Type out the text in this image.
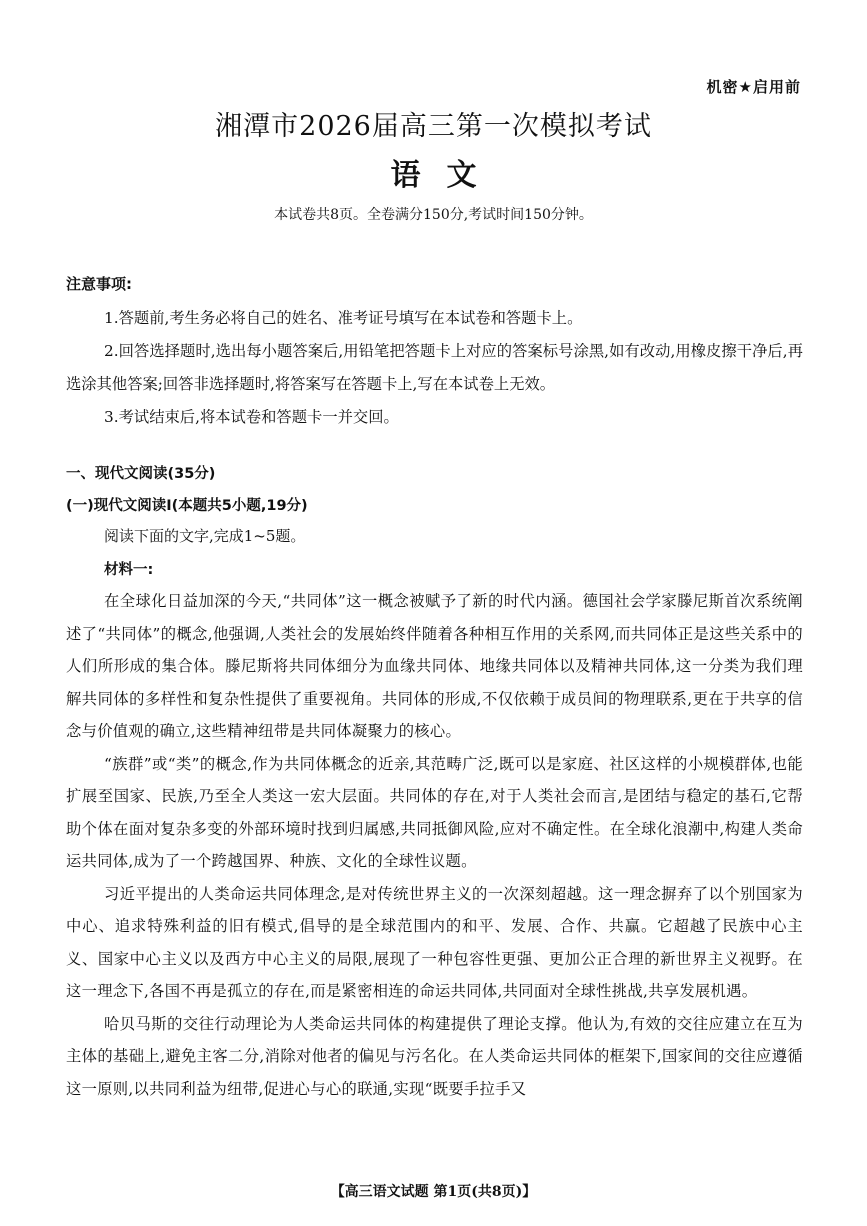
机密★启用前
湘潭市2026届高三第一次模拟考试
语文
本试卷共8页。全卷满分150分,考试时间150分钟。
注意事项:

1.答题前,考生务必将自己的姓名、准考证号填写在本试卷和答题卡上。

2.回答选择题时,选出每小题答案后,用铅笔把答题卡上对应的答案标号涂黑,如有改动,用橡皮擦干净后,再选涂其他答案;回答非选择题时,将答案写在答题卡上,写在本试卷上无效。

3.考试结束后,将本试卷和答题卡一并交回。

一、现代文阅读(35分)
(一)现代文阅读Ⅰ(本题共5小题,19分)
阅读下面的文字,完成1~5题。
材料一:

在全球化日益加深的今天,“共同体”这一概念被赋予了新的时代内涵。德国社会学家滕尼斯首次系统阐述了“共同体”的概念,他强调,人类社会的发展始终伴随着各种相互作用的关系网,而共同体正是这些关系中的人们所形成的集合体。滕尼斯将共同体细分为血缘共同体、地缘共同体以及精神共同体,这一分类为我们理解共同体的多样性和复杂性提供了重要视角。共同体的形成,不仅依赖于成员间的物理联系,更在于共享的信念与价值观的确立,这些精神纽带是共同体凝聚力的核心。

“族群”或“类”的概念,作为共同体概念的近亲,其范畴广泛,既可以是家庭、社区这样的小规模群体,也能扩展至国家、民族,乃至全人类这一宏大层面。共同体的存在,对于人类社会而言,是团结与稳定的基石,它帮助个体在面对复杂多变的外部环境时找到归属感,共同抵御风险,应对不确定性。在全球化浪潮中,构建人类命运共同体,成为了一个跨越国界、种族、文化的全球性议题。

习近平提出的人类命运共同体理念,是对传统世界主义的一次深刻超越。这一理念摒弃了以个别国家为中心、追求特殊利益的旧有模式,倡导的是全球范围内的和平、发展、合作、共赢。它超越了民族中心主义、国家中心主义以及西方中心主义的局限,展现了一种包容性更强、更加公正合理的新世界主义视野。在这一理念下,各国不再是孤立的存在,而是紧密相连的命运共同体,共同面对全球性挑战,共享发展机遇。

哈贝马斯的交往行动理论为人类命运共同体的构建提供了理论支撑。他认为,有效的交往应建立在互为主体的基础上,避免主客二分,消除对他者的偏见与污名化。在人类命运共同体的框架下,国家间的交往应遵循这一原则,以共同利益为纽带,促进心与心的联通,实现“既要手拉手又

【高三语文试题 第1页(共8页)】
